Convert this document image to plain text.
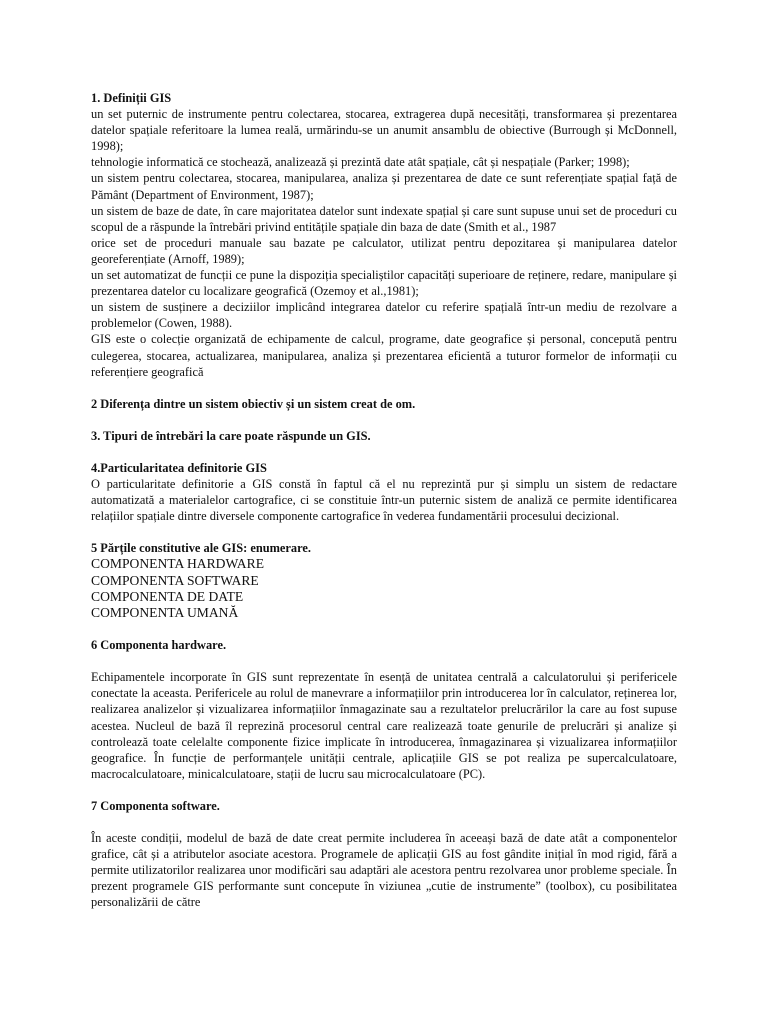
1. Definiții GIS

un set puternic de instrumente pentru colectarea, stocarea, extragerea după necesități, transformarea și prezentarea datelor spațiale referitoare la lumea reală, urmărindu-se un anumit ansamblu de obiective (Burrough și McDonnell, 1998);

tehnologie informatică ce stochează, analizează și prezintă date atât spațiale, cât și nespațiale (Parker; 1998);

un sistem pentru colectarea, stocarea, manipularea, analiza și prezentarea de date ce sunt referențiate spațial față de Pământ (Department of Environment, 1987);

un sistem de baze de date, în care majoritatea datelor sunt indexate spațial și care sunt supuse unui set de proceduri cu scopul de a răspunde la întrebări privind entitățile spațiale din baza de date (Smith et al., 1987

orice set de proceduri manuale sau bazate pe calculator, utilizat pentru depozitarea și manipularea datelor georeferențiate (Arnoff, 1989);

un set automatizat de funcții ce pune la dispoziția specialiștilor capacități superioare de reținere, redare, manipulare și prezentarea datelor cu localizare geografică (Ozemoy et al.,1981);

un sistem de susținere a deciziilor implicând integrarea datelor cu referire spațială într-un mediu de rezolvare a problemelor (Cowen, 1988).

GIS este o colecție organizată de echipamente de calcul, programe, date geografice și personal, concepută pentru culegerea, stocarea, actualizarea, manipularea, analiza și prezentarea eficientă a tuturor formelor de informații cu referențiere geografică

2 Diferența dintre un sistem obiectiv și un sistem creat de om.

3. Tipuri de întrebări la care poate răspunde un GIS.

4.Particularitatea definitorie GIS

O particularitate definitorie a GIS constă în faptul că el nu reprezintă pur și simplu un sistem de redactare automatizată a materialelor cartografice, ci se constituie într-un puternic sistem de analiză ce permite identificarea relațiilor spațiale dintre diversele componente cartografice în vederea fundamentării procesului decizional.

5 Părțile constitutive ale GIS: enumerare.

COMPONENTA HARDWARE
COMPONENTA SOFTWARE
COMPONENTA DE DATE
COMPONENTA UMANĂ

6 Componenta hardware.

Echipamentele incorporate în GIS sunt reprezentate în esență de unitatea centrală a calculatorului și perifericele conectate la aceasta. Perifericele au rolul de manevrare a informațiilor prin introducerea lor în calculator, reținerea lor, realizarea analizelor și vizualizarea informațiilor înmagazinate sau a rezultatelor prelucrărilor la care au fost supuse acestea. Nucleul de bază îl reprezină procesorul central care realizează toate genurile de prelucrări și analize și controlează toate celelalte componente fizice implicate în introducerea, înmagazinarea și vizualizarea informațiilor geografice. În funcție de performanțele unității centrale, aplicațiile GIS se pot realiza pe supercalculatoare, macrocalculatoare, minicalculatoare, stații de lucru sau microcalculatoare (PC).

7 Componenta software.

În aceste condiții, modelul de bază de date creat permite includerea în aceeași bază de date atât a componentelor grafice, cât și a atributelor asociate acestora. Programele de aplicații GIS au fost gândite inițial în mod rigid, fără a permite utilizatorilor realizarea unor modificări sau adaptări ale acestora pentru rezolvarea unor probleme speciale. În prezent programele GIS performante sunt concepute în viziunea „cutie de instrumente” (toolbox), cu posibilitatea personalizării de către
